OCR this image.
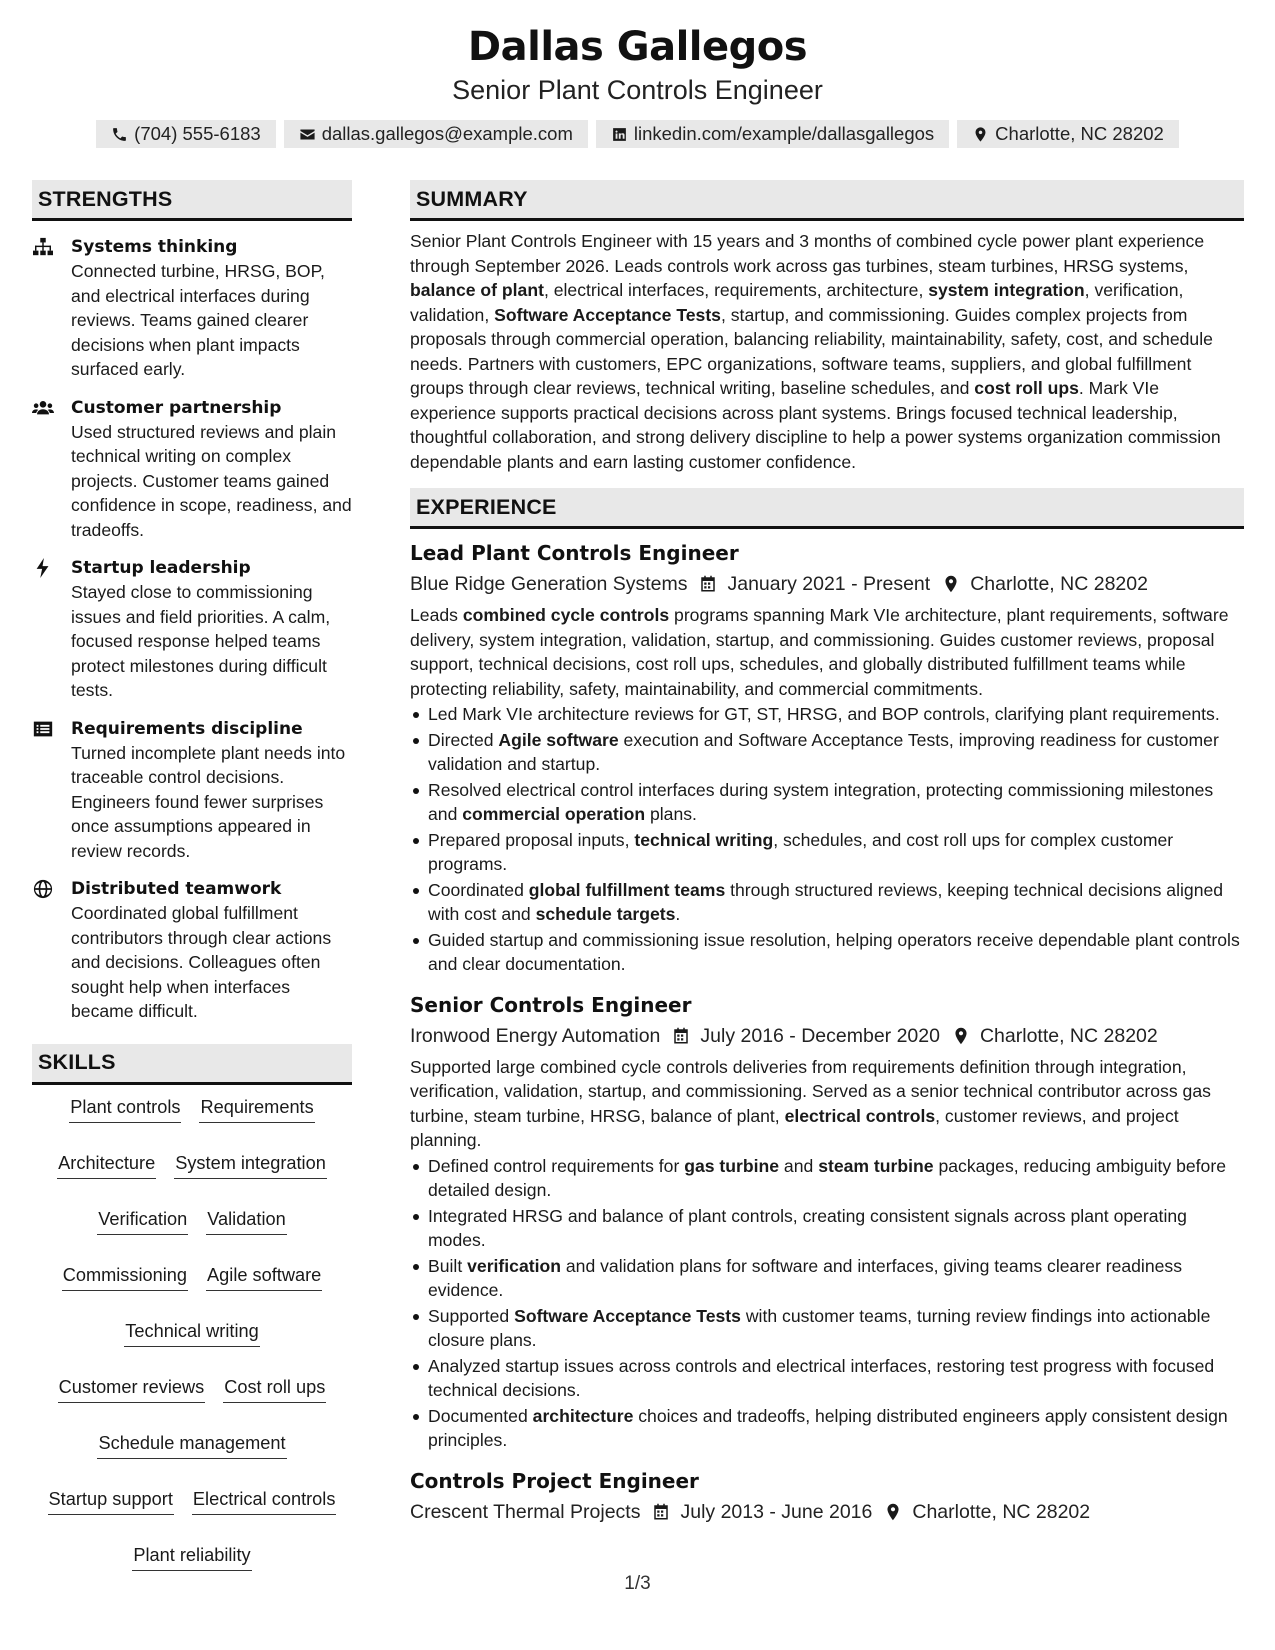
Dallas Gallegos
Senior Plant Controls Engineer
(704) 555-6183	dallas.gallegos@example.com	linkedin.com/example/dallasgallegos	Charlotte, NC 28202
STRENGTHS
Systems thinking
Connected turbine, HRSG, BOP, and electrical interfaces during reviews. Teams gained clearer decisions when plant impacts surfaced early.
Customer partnership
Used structured reviews and plain technical writing on complex projects. Customer teams gained confidence in scope, readiness, and tradeoffs.
Startup leadership
Stayed close to commissioning issues and field priorities. A calm, focused response helped teams protect milestones during difficult tests.
Requirements discipline
Turned incomplete plant needs into traceable control decisions. Engineers found fewer surprises once assumptions appeared in review records.
Distributed teamwork
Coordinated global fulfillment contributors through clear actions and decisions. Colleagues often sought help when interfaces became difficult.
SKILLS
Plant controls Requirements
Architecture System integration
Verification Validation
Commissioning Agile software
Technical writing
Customer reviews Cost roll ups
Schedule management
Startup support Electrical controls
Plant reliability
SUMMARY
Senior Plant Controls Engineer with 15 years and 3 months of combined cycle power plant experience through September 2026. Leads controls work across gas turbines, steam turbines, HRSG systems, balance of plant, electrical interfaces, requirements, architecture, system integration, verification, validation, Software Acceptance Tests, startup, and commissioning. Guides complex projects from proposals through commercial operation, balancing reliability, maintainability, safety, cost, and schedule needs. Partners with customers, EPC organizations, software teams, suppliers, and global fulfillment groups through clear reviews, technical writing, baseline schedules, and cost roll ups. Mark VIe experience supports practical decisions across plant systems. Brings focused technical leadership, thoughtful collaboration, and strong delivery discipline to help a power systems organization commission dependable plants and earn lasting customer confidence.
EXPERIENCE
Lead Plant Controls Engineer
Blue Ridge Generation Systems January 2021 - Present Charlotte, NC 28202
Leads combined cycle controls programs spanning Mark VIe architecture, plant requirements, software delivery, system integration, validation, startup, and commissioning. Guides customer reviews, proposal support, technical decisions, cost roll ups, schedules, and globally distributed fulfillment teams while protecting reliability, safety, maintainability, and commercial commitments.
Led Mark VIe architecture reviews for GT, ST, HRSG, and BOP controls, clarifying plant requirements.
Directed Agile software execution and Software Acceptance Tests, improving readiness for customer validation and startup.
Resolved electrical control interfaces during system integration, protecting commissioning milestones and commercial operation plans.
Prepared proposal inputs, technical writing, schedules, and cost roll ups for complex customer programs.
Coordinated global fulfillment teams through structured reviews, keeping technical decisions aligned with cost and schedule targets.
Guided startup and commissioning issue resolution, helping operators receive dependable plant controls and clear documentation.
Senior Controls Engineer
Ironwood Energy Automation July 2016 - December 2020 Charlotte, NC 28202
Supported large combined cycle controls deliveries from requirements definition through integration, verification, validation, startup, and commissioning. Served as a senior technical contributor across gas turbine, steam turbine, HRSG, balance of plant, electrical controls, customer reviews, and project planning.
Defined control requirements for gas turbine and steam turbine packages, reducing ambiguity before detailed design.
Integrated HRSG and balance of plant controls, creating consistent signals across plant operating modes.
Built verification and validation plans for software and interfaces, giving teams clearer readiness evidence.
Supported Software Acceptance Tests with customer teams, turning review findings into actionable closure plans.
Analyzed startup issues across controls and electrical interfaces, restoring test progress with focused technical decisions.
Documented architecture choices and tradeoffs, helping distributed engineers apply consistent design principles.
Controls Project Engineer
Crescent Thermal Projects July 2013 - June 2016 Charlotte, NC 28202
1/3
